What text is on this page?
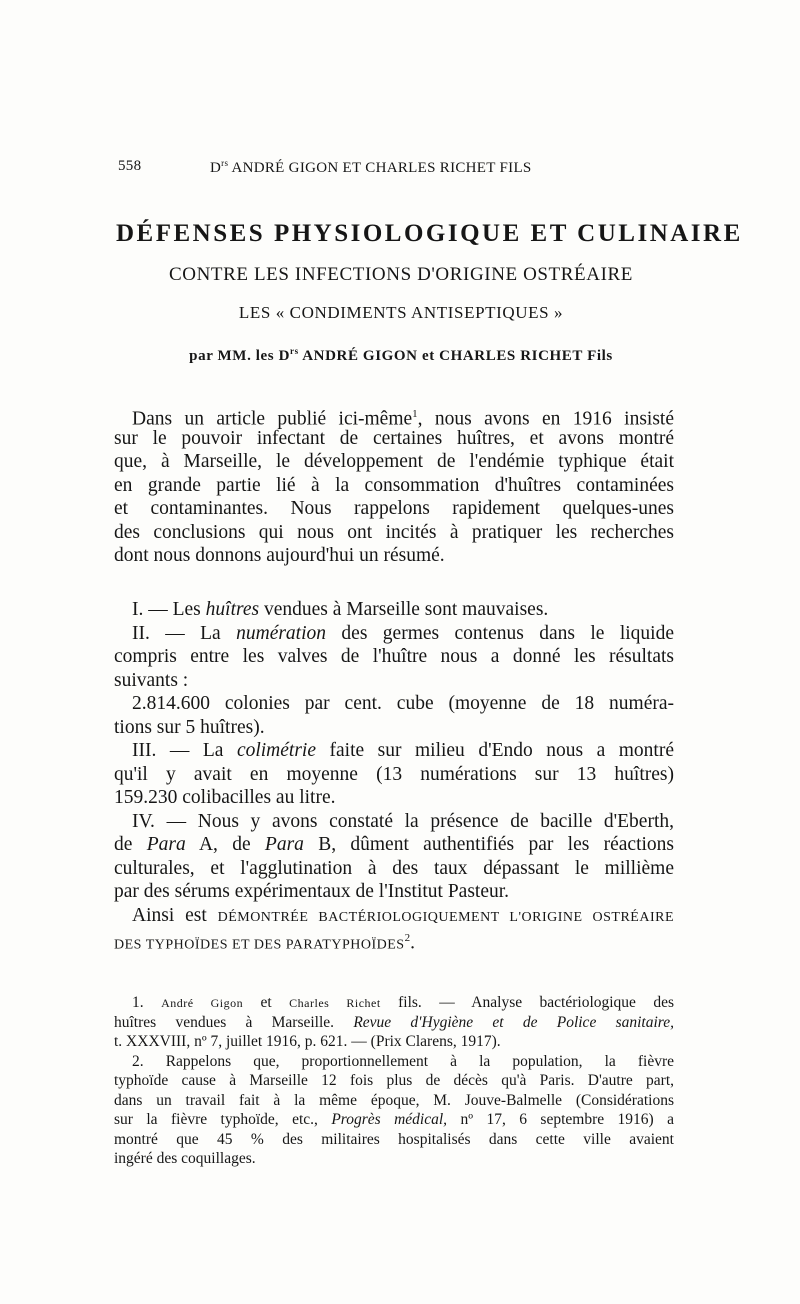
558	$D^{rs}$ ANDRÉ GIGON ET CHARLES RICHET FILS
DÉFENSES PHYSIOLOGIQUE ET CULINAIRE
CONTRE LES INFECTIONS D'ORIGINE OSTRÉAIRE
LES « CONDIMENTS ANTISEPTIQUES »
par MM. les $D^{rs}$ ANDRÉ GIGON et CHARLES RICHET Fils
Dans un article publié ici-même$^1$, nous avons en 1916 insisté
sur le pouvoir infectant de certaines huîtres, et avons montré
que, à Marseille, le développement de l'endémie typhique était
en grande partie lié à la consommation d'huîtres contaminées
et contaminantes. Nous rappelons rapidement quelques-unes
des conclusions qui nous ont incités à pratiquer les recherches
dont nous donnons aujourd'hui un résumé.
I. — Les huîtres vendues à Marseille sont mauvaises.
II. — La numération des germes contenus dans le liquide
compris entre les valves de l'huître nous a donné les résultats
suivants :
2.814.600 colonies par cent. cube (moyenne de 18 numéra-
tions sur 5 huîtres).
III. — La colimétrie faite sur milieu d'Endo nous a montré
qu'il y avait en moyenne (13 numérations sur 13 huîtres)
159.230 colibacilles au litre.
IV. — Nous y avons constaté la présence de bacille d'Eberth,
de Para A, de Para B, dûment authentifiés par les réactions
culturales, et l'agglutination à des taux dépassant le millième
par des sérums expérimentaux de l'Institut Pasteur.
Ainsi est DÉMONTRÉE BACTÉRIOLOGIQUEMENT L'ORIGINE OSTRÉAIRE
DES TYPHOÏDES ET DES PARATYPHOÏDES$^2$.
1. André Gigon et Charles Richet fils. — Analyse bactériologique des
huîtres vendues à Marseille. Revue d'Hygiène et de Police sanitaire,
t. XXXVIII, nº 7, juillet 1916, p. 621. — (Prix Clarens, 1917).
2. Rappelons que, proportionnellement à la population, la fièvre
typhoïde cause à Marseille 12 fois plus de décès qu'à Paris. D'autre part,
dans un travail fait à la même époque, M. Jouve-Balmelle (Considérations
sur la fièvre typhoïde, etc., Progrès médical, nº 17, 6 septembre 1916) a
montré que 45 % des militaires hospitalisés dans cette ville avaient
ingéré des coquillages.
